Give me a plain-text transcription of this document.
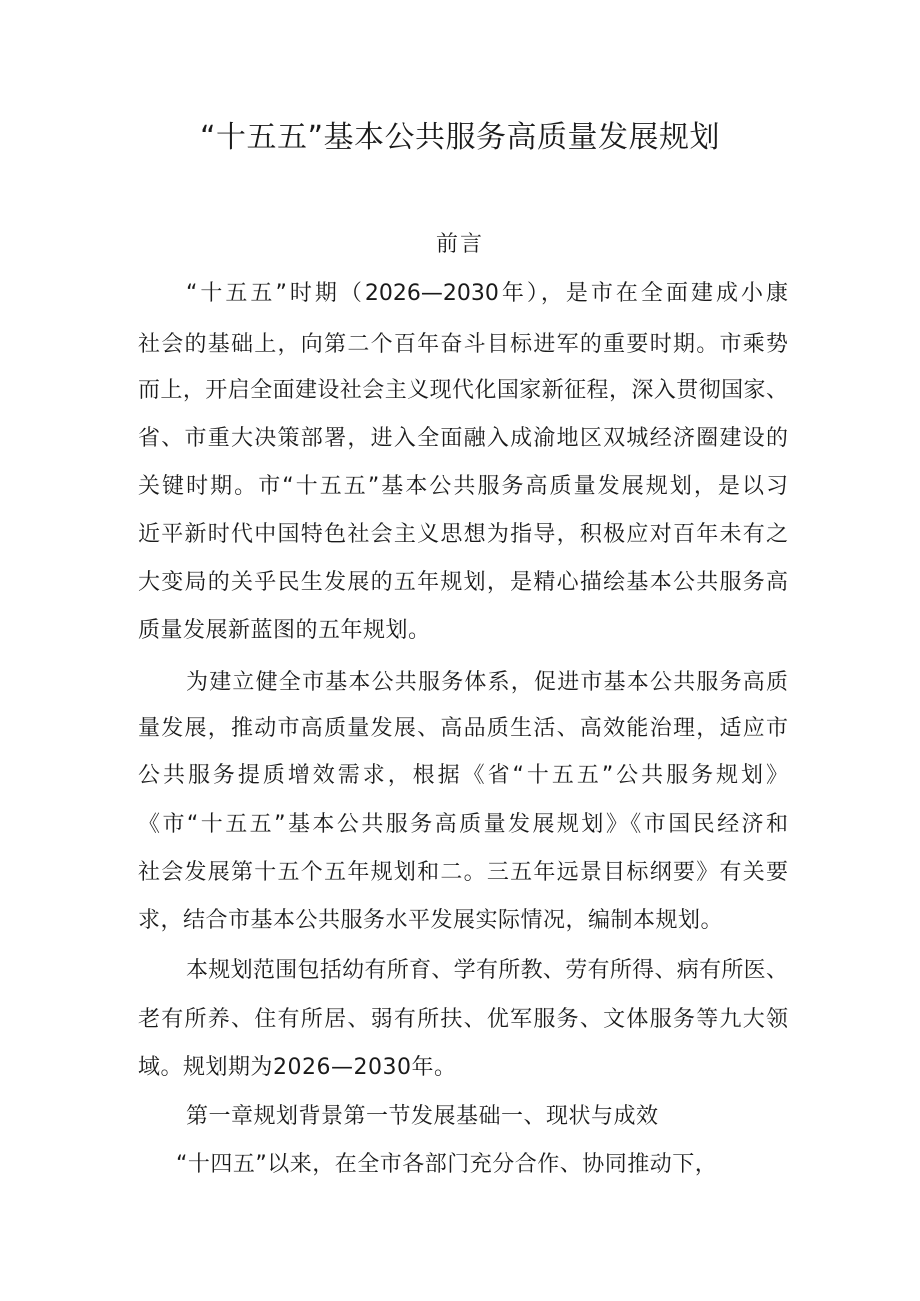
“十五五”基本公共服务高质量发展规划
前言

“十五五”时期（2026—2030年），是市在全面建成小康

社会的基础上，向第二个百年奋斗目标进军的重要时期。市乘势

而上，开启全面建设社会主义现代化国家新征程，深入贯彻国家、

省、市重大决策部署，进入全面融入成渝地区双城经济圈建设的

关键时期。市“十五五”基本公共服务高质量发展规划，是以习

近平新时代中国特色社会主义思想为指导，积极应对百年未有之

大变局的关乎民生发展的五年规划，是精心描绘基本公共服务高

质量发展新蓝图的五年规划。

为建立健全市基本公共服务体系，促进市基本公共服务高质

量发展，推动市高质量发展、高品质生活、高效能治理，适应市

公共服务提质增效需求，根据《省“十五五”公共服务规划》

《市“十五五”基本公共服务高质量发展规划》《市国民经济和

社会发展第十五个五年规划和二。三五年远景目标纲要》有关要

求，结合市基本公共服务水平发展实际情况，编制本规划。

本规划范围包括幼有所育、学有所教、劳有所得、病有所医、

老有所养、住有所居、弱有所扶、优军服务、文体服务等九大领

域。规划期为2026—2030年。

第一章规划背景第一节发展基础一、现状与成效

“十四五”以来，在全市各部门充分合作、协同推动下，
